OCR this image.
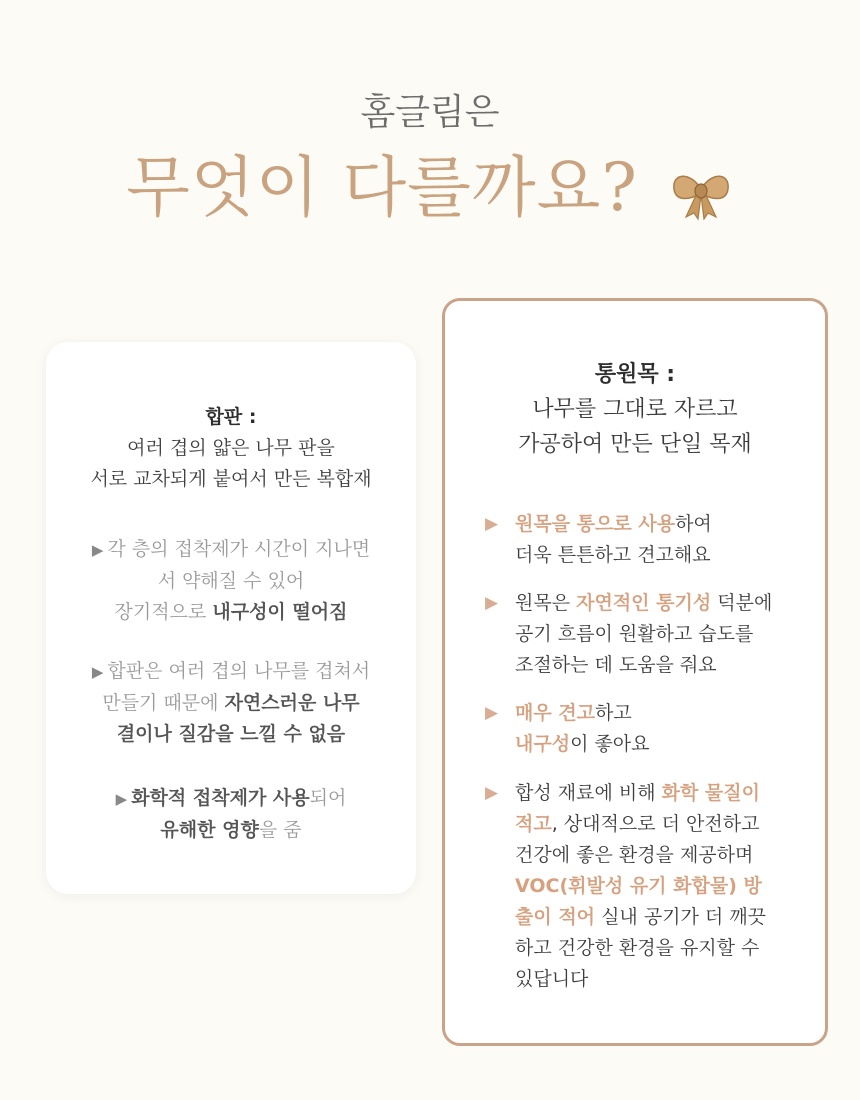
홈글림은
무엇이 다를까요?
합판 :
여러 겹의 얇은 나무 판을
서로 교차되게 붙여서 만든 복합재
▶ 각 층의 접착제가 시간이 지나면
서 약해질 수 있어
장기적으로 내구성이 떨어짐
▶ 합판은 여러 겹의 나무를 겹쳐서
만들기 때문에 자연스러운 나무
결이나 질감을 느낄 수 없음
▶ 화학적 접착제가 사용되어
유해한 영향을 줌
통원목 :
나무를 그대로 자르고
가공하여 만든 단일 목재
▶ 원목을 통으로 사용하여
더욱 튼튼하고 견고해요
▶ 원목은 자연적인 통기성 덕분에
공기 흐름이 원활하고 습도를
조절하는 데 도움을 줘요
▶ 매우 견고하고
내구성이 좋아요
▶ 합성 재료에 비해 화학 물질이
적고, 상대적으로 더 안전하고
건강에 좋은 환경을 제공하며
VOC(휘발성 유기 화합물) 방
출이 적어 실내 공기가 더 깨끗
하고 건강한 환경을 유지할 수
있답니다
